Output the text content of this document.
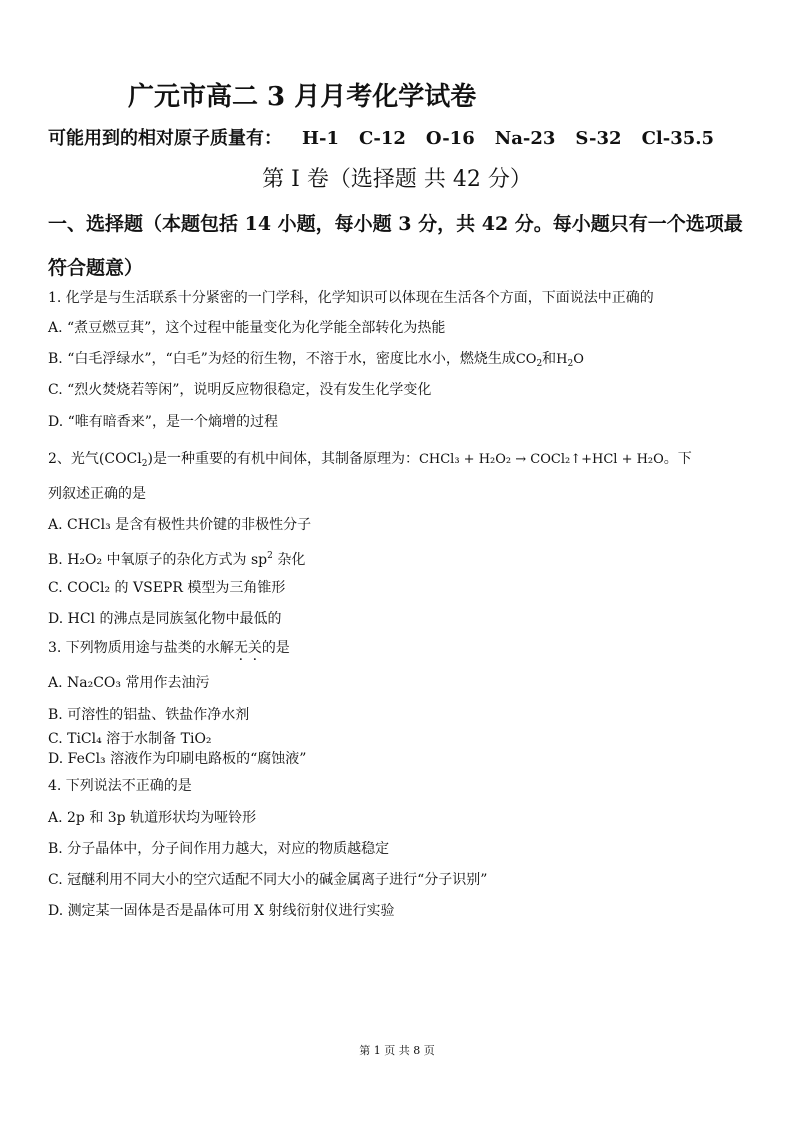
广元市高二 3 月月考化学试卷
可能用到的相对原子质量有： H-1 C-12 O-16 Na-23 S-32 Cl-35.5
第 I 卷（选择题 共 42 分）
一、选择题（本题包括 14 小题，每小题 3 分，共 42 分。每小题只有一个选项最符合题意）
1. 化学是与生活联系十分紧密的一门学科，化学知识可以体现在生活各个方面，下面说法中正确的
A. “煮豆燃豆萁”，这个过程中能量变化为化学能全部转化为热能
B. “白毛浮绿水”，“白毛”为烃的衍生物，不溶于水，密度比水小，燃烧生成$CO_2$和$H_2O$
C. “烈火焚烧若等闲”，说明反应物很稳定，没有发生化学变化
D. “唯有暗香来”，是一个熵增的过程
2、光气(COCl$_2$)是一种重要的有机中间体，其制备原理为：CHCl₃ + H₂O₂ → COCl₂↑+HCl + H₂O。下
列叙述正确的是
A. CHCl₃ 是含有极性共价键的非极性分子
B. H₂O₂ 中氧原子的杂化方式为 $sp^2$ 杂化
C. COCl₂ 的 VSEPR 模型为三角锥形
D. HCl 的沸点是同族氢化物中最低的
3. 下列物质用途与盐类的水解无关的是
A. Na₂CO₃ 常用作去油污
B. 可溶性的铝盐、铁盐作净水剂
C. TiCl₄ 溶于水制备 TiO₂
D. FeCl₃ 溶液作为印刷电路板的“腐蚀液”
4. 下列说法不正确的是
A. 2p 和 3p 轨道形状均为哑铃形
B. 分子晶体中，分子间作用力越大，对应的物质越稳定
C. 冠醚利用不同大小的空穴适配不同大小的碱金属离子进行“分子识别”
D. 测定某一固体是否是晶体可用 X 射线衍射仪进行实验
第 1 页 共 8 页
